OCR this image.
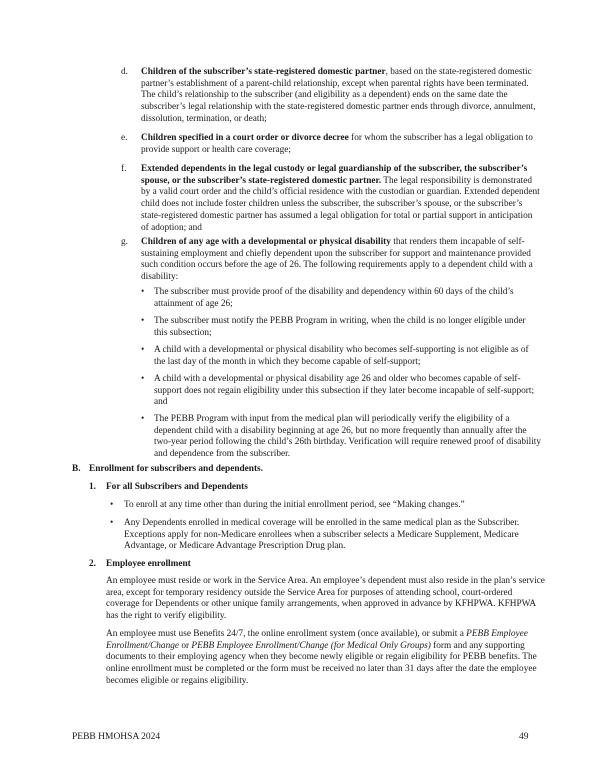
d. Children of the subscriber’s state-registered domestic partner, based on the state-registered domestic partner’s establishment of a parent-child relationship, except when parental rights have been terminated. The child’s relationship to the subscriber (and eligibility as a dependent) ends on the same date the subscriber’s legal relationship with the state-registered domestic partner ends through divorce, annulment, dissolution, termination, or death;
e. Children specified in a court order or divorce decree for whom the subscriber has a legal obligation to provide support or health care coverage;
f. Extended dependents in the legal custody or legal guardianship of the subscriber, the subscriber’s spouse, or the subscriber’s state-registered domestic partner. The legal responsibility is demonstrated by a valid court order and the child’s official residence with the custodian or guardian. Extended dependent child does not include foster children unless the subscriber, the subscriber’s spouse, or the subscriber’s state-registered domestic partner has assumed a legal obligation for total or partial support in anticipation of adoption; and
g. Children of any age with a developmental or physical disability that renders them incapable of self-sustaining employment and chiefly dependent upon the subscriber for support and maintenance provided such condition occurs before the age of 26. The following requirements apply to a dependent child with a disability:
• The subscriber must provide proof of the disability and dependency within 60 days of the child’s attainment of age 26;
• The subscriber must notify the PEBB Program in writing, when the child is no longer eligible under this subsection;
• A child with a developmental or physical disability who becomes self-supporting is not eligible as of the last day of the month in which they become capable of self-support;
• A child with a developmental or physical disability age 26 and older who becomes capable of self-support does not regain eligibility under this subsection if they later become incapable of self-support; and
• The PEBB Program with input from the medical plan will periodically verify the eligibility of a dependent child with a disability beginning at age 26, but no more frequently than annually after the two-year period following the child’s 26th birthday. Verification will require renewed proof of disability and dependence from the subscriber.
B. Enrollment for subscribers and dependents.
1. For all Subscribers and Dependents
• To enroll at any time other than during the initial enrollment period, see “Making changes.”
• Any Dependents enrolled in medical coverage will be enrolled in the same medical plan as the Subscriber. Exceptions apply for non-Medicare enrollees when a subscriber selects a Medicare Supplement, Medicare Advantage, or Medicare Advantage Prescription Drug plan.
2. Employee enrollment
An employee must reside or work in the Service Area. An employee’s dependent must also reside in the plan’s service area, except for temporary residency outside the Service Area for purposes of attending school, court-ordered coverage for Dependents or other unique family arrangements, when approved in advance by KFHPWA. KFHPWA has the right to verify eligibility.
An employee must use Benefits 24/7, the online enrollment system (once available), or submit a PEBB Employee Enrollment/Change or PEBB Employee Enrollment/Change (for Medical Only Groups) form and any supporting documents to their employing agency when they become newly eligible or regain eligibility for PEBB benefits. The online enrollment must be completed or the form must be received no later than 31 days after the date the employee becomes eligible or regains eligibility.
PEBB HMOHSA 2024	49
